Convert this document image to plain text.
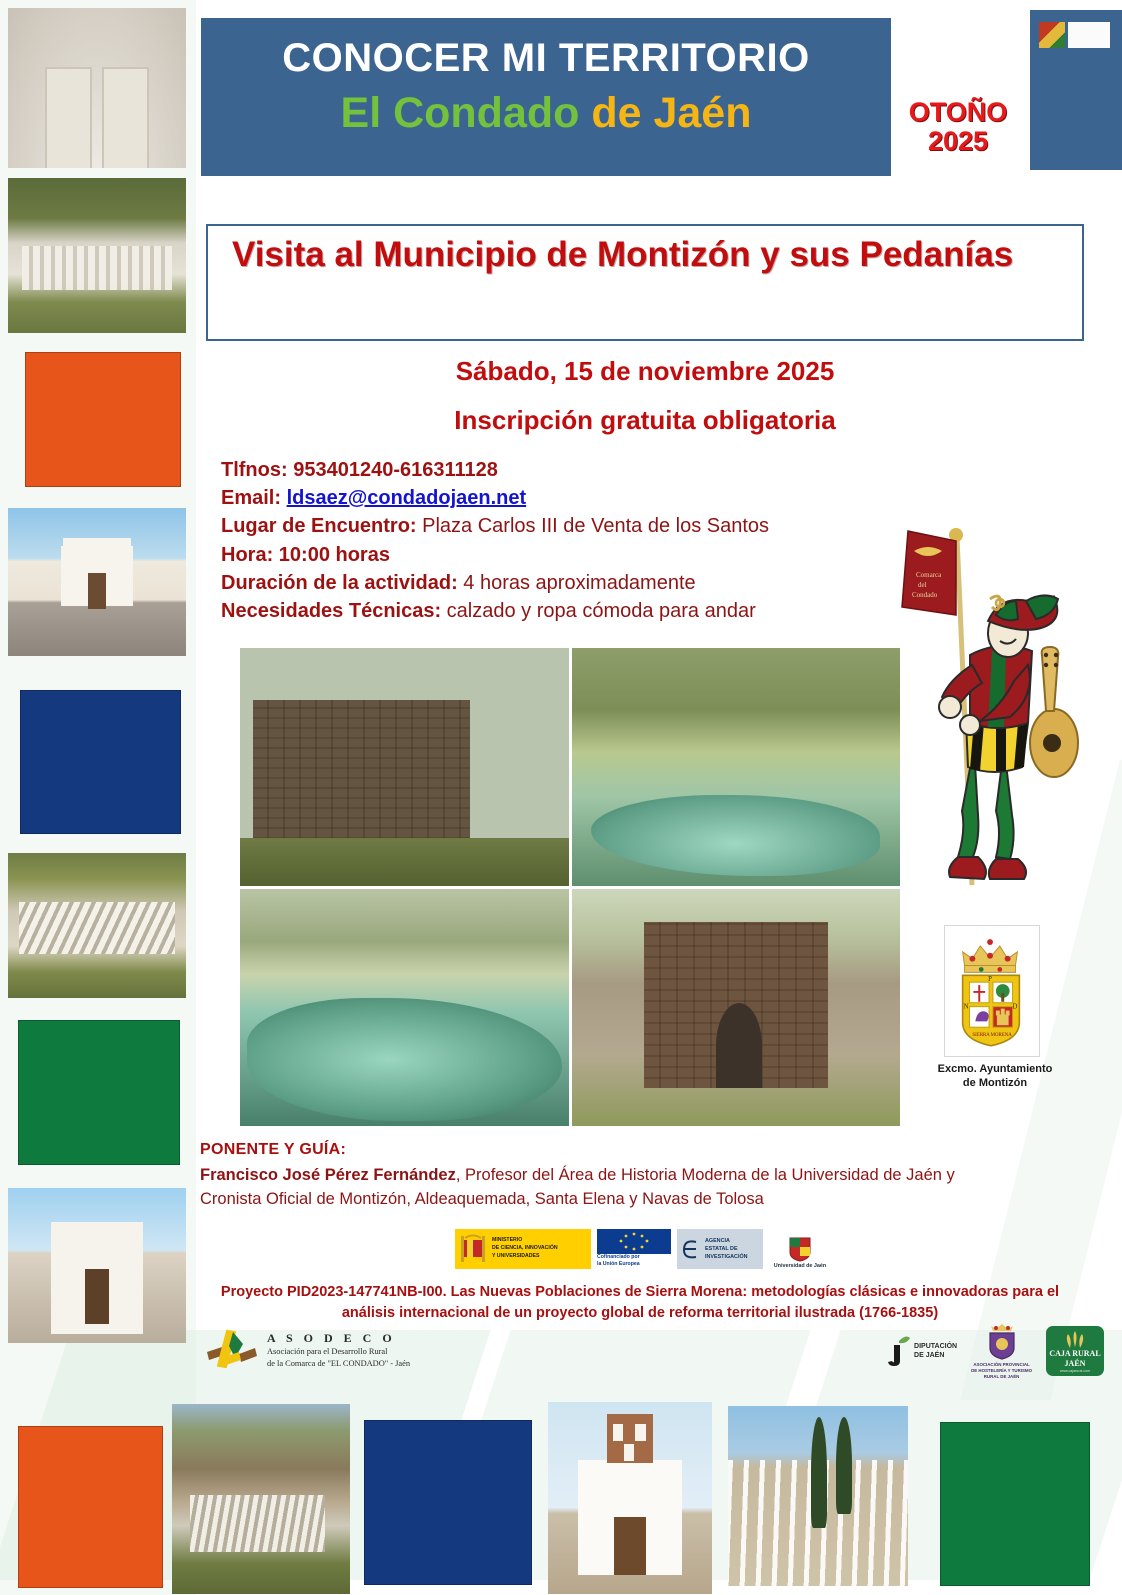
CONOCER MI TERRITORIO
El Condado de Jaén	OTOÑO
2025
Visita al Municipio de Montizón y sus Pedanías
Sábado, 15 de noviembre 2025
Inscripción gratuita obligatoria
Tlfnos: 953401240-616311128
Email: ldsaez@condadojaen.net
Lugar de Encuentro: Plaza Carlos III de Venta de los Santos
Hora: 10:00 horas
Duración de la actividad: 4 horas aproximadamente
Necesidades Técnicas: calzado y ropa cómoda para andar
Comarca
del
Condado
P
N	D
SIERRA MORENA
Excmo. Ayuntamiento
de Montizón
PONENTE Y GUÍA:
Francisco José Pérez Fernández, Profesor del Área de Historia Moderna de la Universidad de Jaén y
Cronista Oficial de Montizón, Aldeaquemada, Santa Elena y Navas de Tolosa
MINISTERIO
DE CIENCIA, INNOVACIÓN
Y UNIVERSIDADES	Cofinanciado por
la Unión Europea
AGENCIA
ESTATAL DE
INVESTIGACIÓN
Universidad de Jaén
Proyecto PID2023-147741NB-I00. Las Nuevas Poblaciones de Sierra Morena: metodologías clásicas e innovadoras para el
análisis internacional de un proyecto global de reforma territorial ilustrada (1766-1835)
A S O D E C O
Asociación para el Desarrollo Rural
de la Comarca de "EL CONDADO" - Jaén
DIPUTACIÓN
DE JAÉN
ASOCIACIÓN PROVINCIAL
DE HOSTELERÍA Y TURISMO
RURAL DE JAÉN
CAJA RURAL
JAÉN
www.cajarural.com
